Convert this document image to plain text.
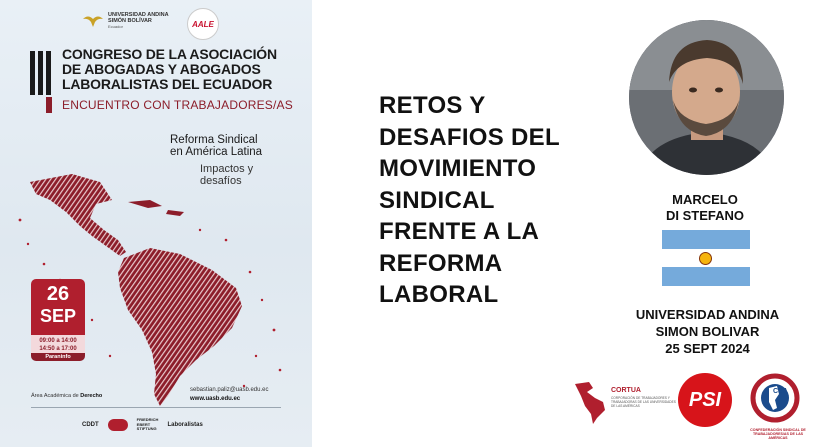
UNIVERSIDAD ANDINA
SIMÓN BOLÍVAR
Ecuador	AALE
CONGRESO DE LA ASOCIACIÓN
DE ABOGADAS Y ABOGADOS
LABORALISTAS DEL ECUADOR
ENCUENTRO CON TRABAJADORES/AS
Reforma Sindical
en América Latina
Impactos y
desafíos
26
SEP
09:00 a 14:00
14:50 a 17:00
Paraninfo
Área Académica de Derecho
sebastian.paliz@uasb.edu.ec
www.uasb.edu.ec
CDDT
FRIEDRICH
EBERT
STIFTUNG
Laboralistas
RETOS Y
DESAFIOS DEL
MOVIMIENTO
SINDICAL
FRENTE A LA
REFORMA
LABORAL
MARCELO
DI STEFANO
UNIVERSIDAD ANDINA
SIMON BOLIVAR
25 SEPT 2024
CORTUA
CORPORACIÓN DE TRABAJADORES Y TRABAJADORAS DE LAS UNIVERSIDADES DE LAS AMÉRICAS	PSI	CSA
CONFEDERACIÓN SINDICAL DE TRABAJADORES/AS DE LAS AMÉRICAS
